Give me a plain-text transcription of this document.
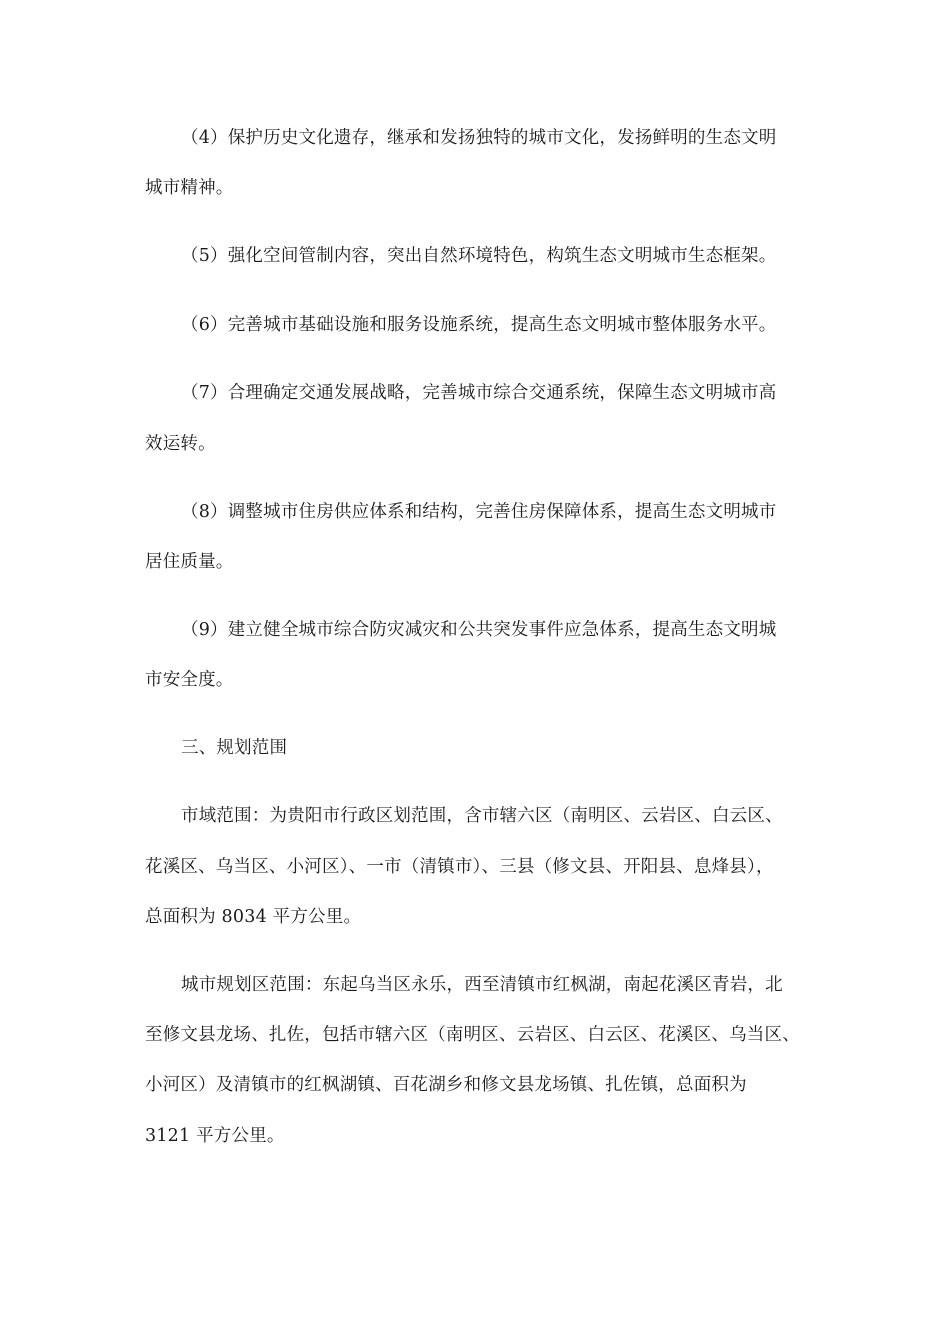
（4）保护历史文化遗存，继承和发扬独特的城市文化，发扬鲜明的生态文明

城市精神。

（5）强化空间管制内容，突出自然环境特色，构筑生态文明城市生态框架。

（6）完善城市基础设施和服务设施系统，提高生态文明城市整体服务水平。

（7）合理确定交通发展战略，完善城市综合交通系统，保障生态文明城市高

效运转。

（8）调整城市住房供应体系和结构，完善住房保障体系，提高生态文明城市

居住质量。

（9）建立健全城市综合防灾减灾和公共突发事件应急体系，提高生态文明城

市安全度。

三、规划范围

市域范围：为贵阳市行政区划范围，含市辖六区（南明区、云岩区、白云区、

花溪区、乌当区、小河区）、一市（清镇市）、三县（修文县、开阳县、息烽县），

总面积为 8034 平方公里。

城市规划区范围：东起乌当区永乐，西至清镇市红枫湖，南起花溪区青岩，北

至修文县龙场、扎佐，包括市辖六区（南明区、云岩区、白云区、花溪区、乌当区、

小河区）及清镇市的红枫湖镇、百花湖乡和修文县龙场镇、扎佐镇，总面积为

3121 平方公里。
